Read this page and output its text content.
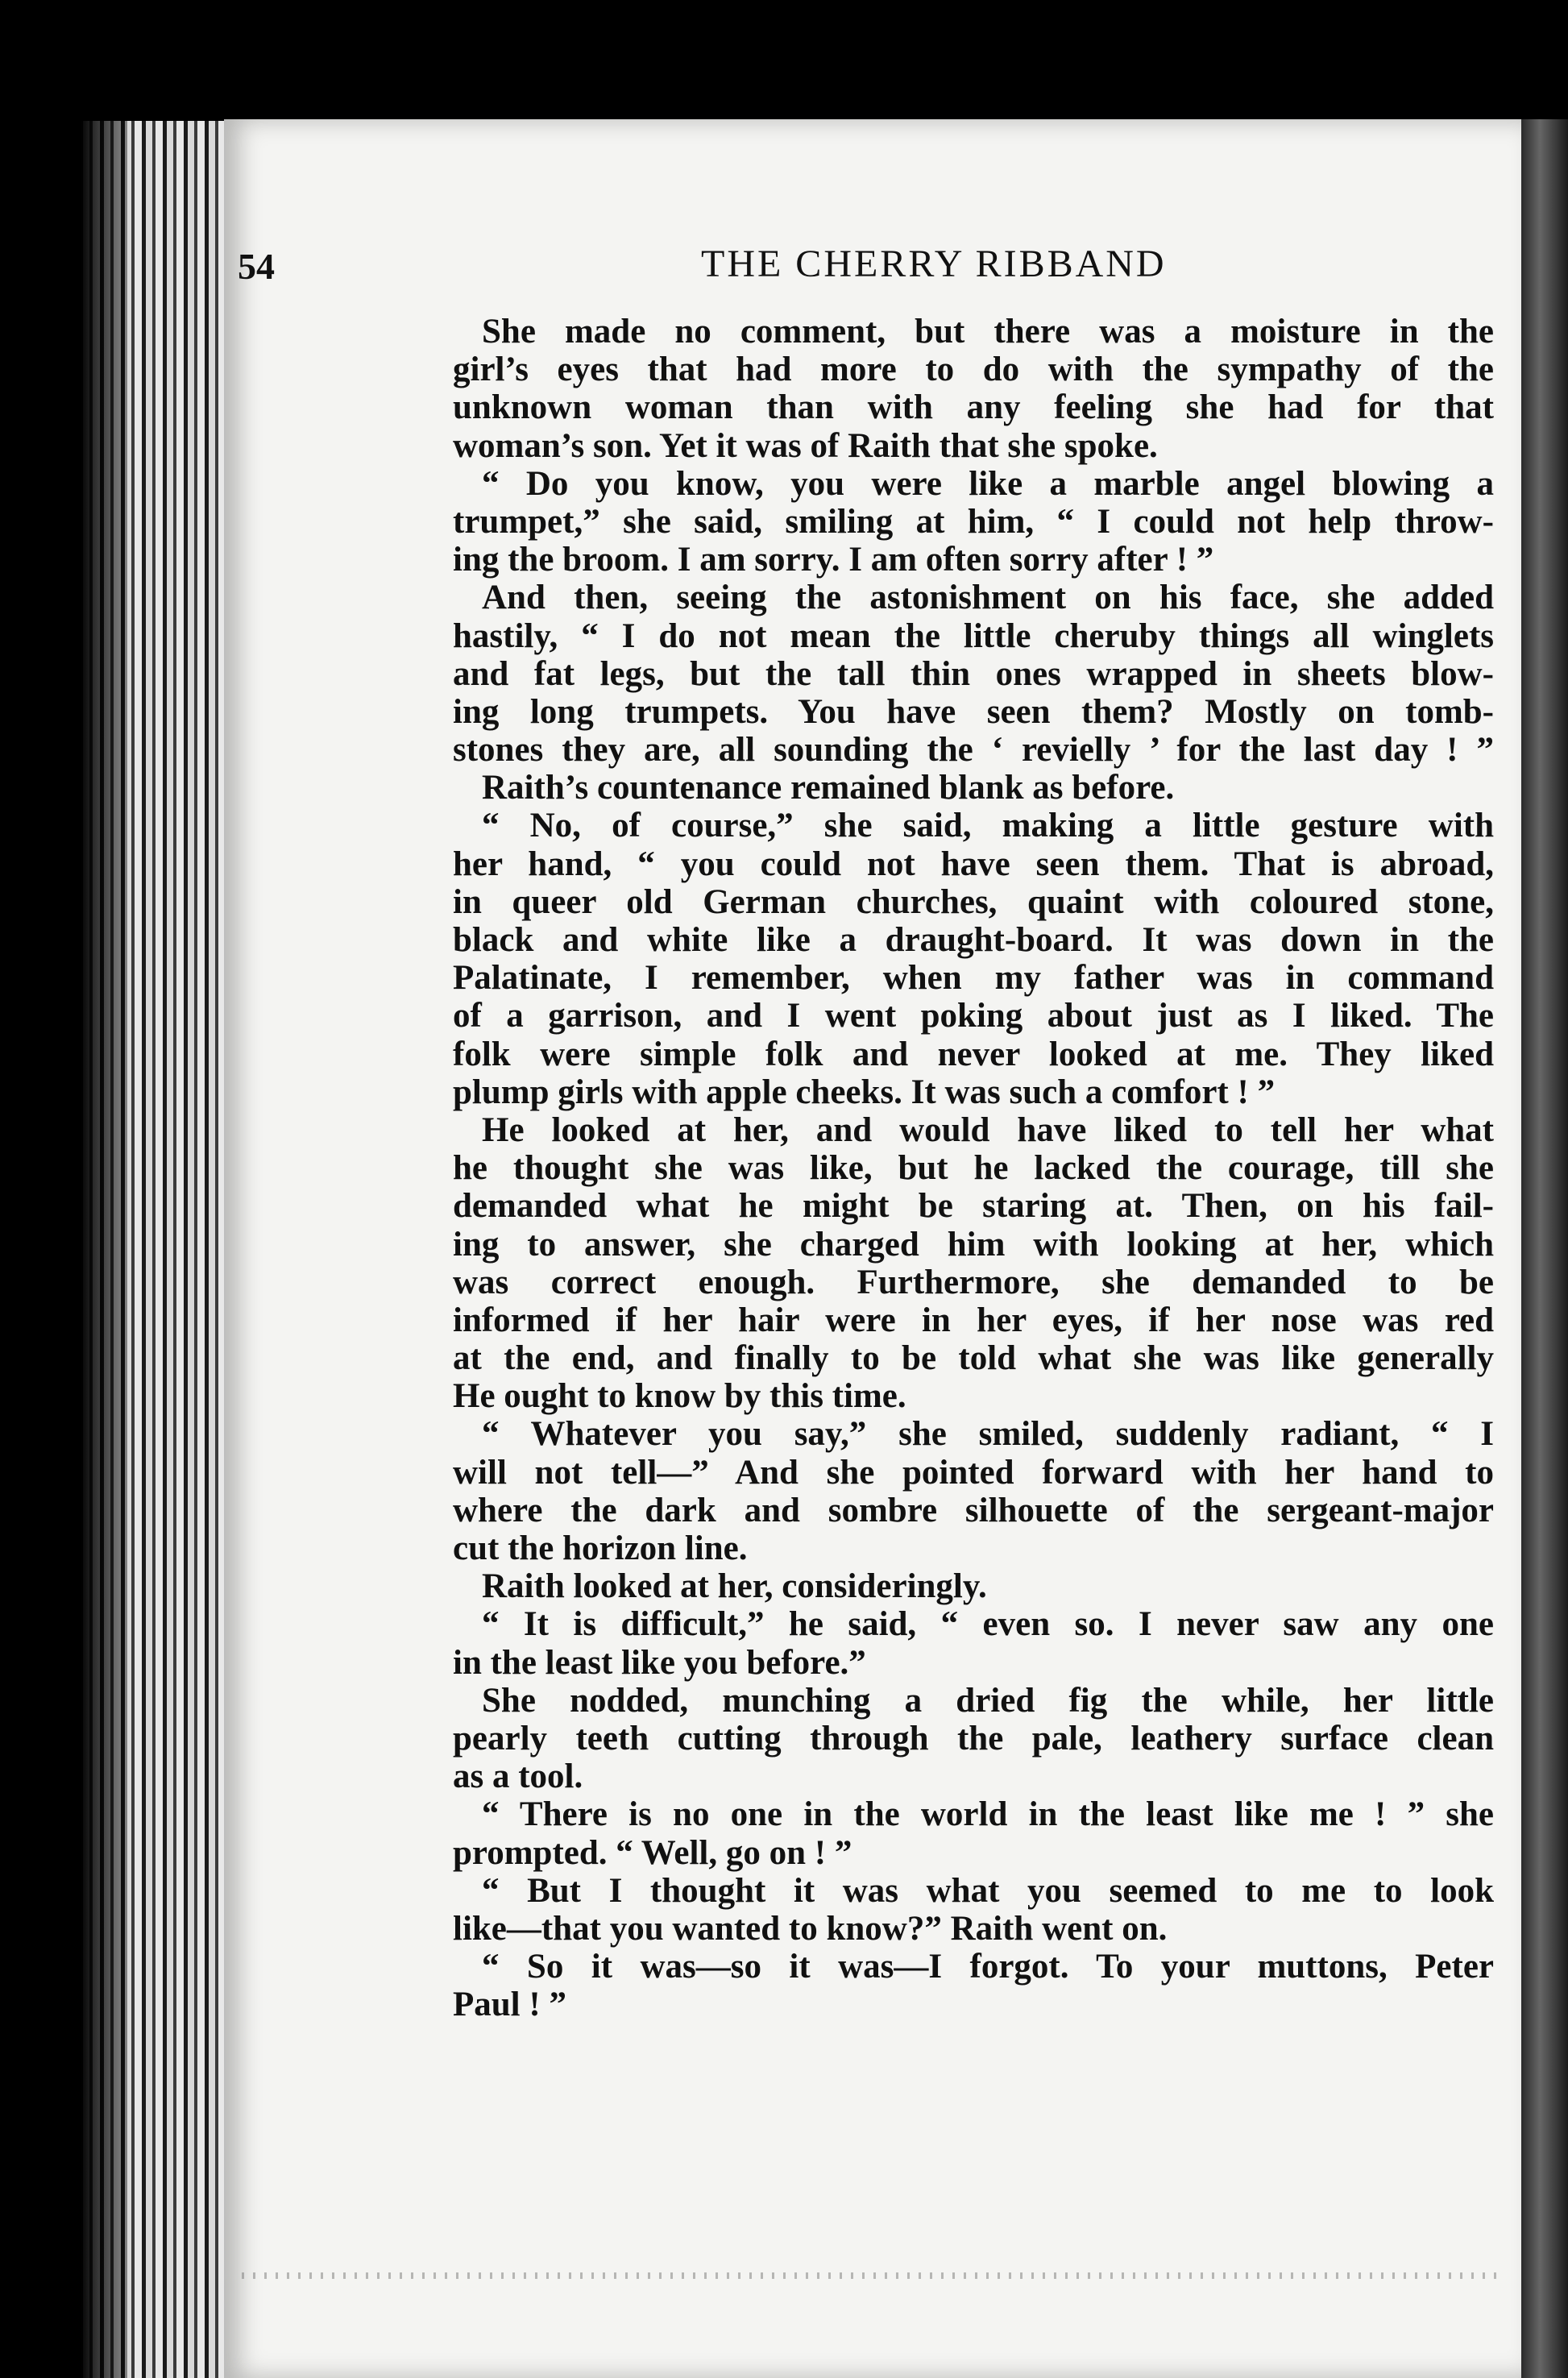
54	THE CHERRY RIBBAND
She made no comment, but there was a moisture in the
girl’s eyes that had more to do with the sympathy of the
unknown woman than with any feeling she had for that
woman’s son. Yet it was of Raith that she spoke.
“ Do you know, you were like a marble angel blowing a
trumpet,” she said, smiling at him, “ I could not help throw-
ing the broom. I am sorry. I am often sorry after ! ”
And then, seeing the astonishment on his face, she added
hastily, “ I do not mean the little cheruby things all winglets
and fat legs, but the tall thin ones wrapped in sheets blow-
ing long trumpets. You have seen them? Mostly on tomb-
stones they are, all sounding the ‘ revielly ’ for the last day ! ”
Raith’s countenance remained blank as before.
“ No, of course,” she said, making a little gesture with
her hand, “ you could not have seen them. That is abroad,
in queer old German churches, quaint with coloured stone,
black and white like a draught-board. It was down in the
Palatinate, I remember, when my father was in command
of a garrison, and I went poking about just as I liked. The
folk were simple folk and never looked at me. They liked
plump girls with apple cheeks. It was such a comfort ! ”
He looked at her, and would have liked to tell her what
he thought she was like, but he lacked the courage, till she
demanded what he might be staring at. Then, on his fail-
ing to answer, she charged him with looking at her, which
was correct enough. Furthermore, she demanded to be
informed if her hair were in her eyes, if her nose was red
at the end, and finally to be told what she was like generally
He ought to know by this time.
“ Whatever you say,” she smiled, suddenly radiant, “ I
will not tell—” And she pointed forward with her hand to
where the dark and sombre silhouette of the sergeant-major
cut the horizon line.
Raith looked at her, consideringly.
“ It is difficult,” he said, “ even so. I never saw any one
in the least like you before.”
She nodded, munching a dried fig the while, her little
pearly teeth cutting through the pale, leathery surface clean
as a tool.
“ There is no one in the world in the least like me ! ” she
prompted. “ Well, go on ! ”
“ But I thought it was what you seemed to me to look
like—that you wanted to know?” Raith went on.
“ So it was—so it was—I forgot. To your muttons, Peter
Paul ! ”
